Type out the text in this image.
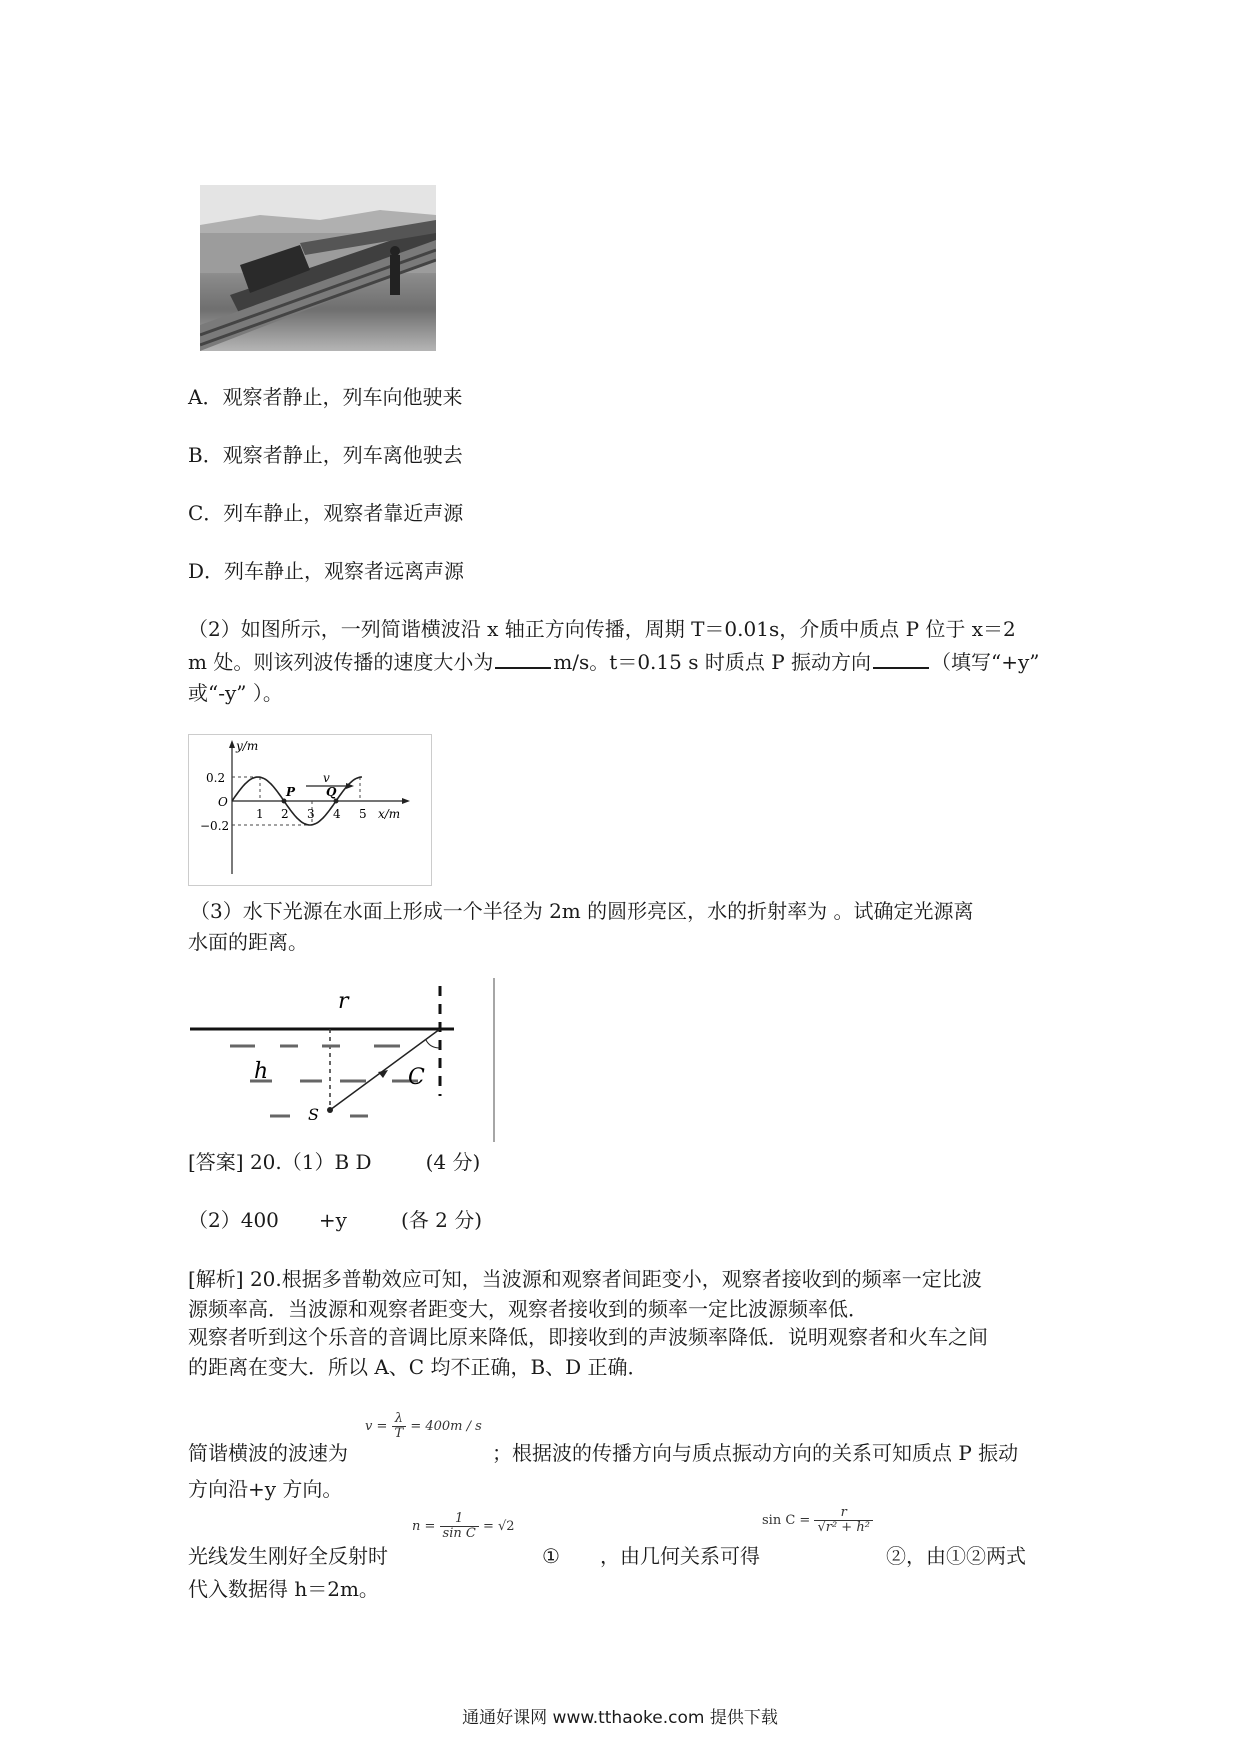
A．观察者静止，列车向他驶来
B．观察者静止，列车离他驶去
C．列车静止，观察者靠近声源
D．列车静止，观察者远离声源
（2）如图所示，一列简谐横波沿 x 轴正方向传播，周期 T＝0.01s，介质中质点 P 位于 x＝2
m 处。则该列波传播的速度大小为	m/s。t＝0.15 s 时质点 P 振动方向	（填写“+y”
或“-y” ）。
v
P	Q
y/m
0.2
−0.2
O
1 2 3 4 5 x/m
（3）水下光源在水面上形成一个半径为 2m 的圆形亮区，水的折射率为 。试确定光源离
水面的距离。
r
h	C
S
[答案] 20.（1）B D	(4 分)
（2）400 +y	(各 2 分)
[解析] 20.根据多普勒效应可知，当波源和观察者间距变小，观察者接收到的频率一定比波
源频率高．当波源和观察者距变大，观察者接收到的频率一定比波源频率低．
观察者听到这个乐音的音调比原来降低，即接收到的声波频率降低．说明观察者和火车之间
的距离在变大．所以 A、C 均不正确，B、D 正确．
简谐横波的波速为
$v = \frac{\lambda}{T} = 400m / s$
；根据波的传播方向与质点振动方向的关系可知质点 P 振动
方向沿+y 方向。
光线发生刚好全反射时
$n = \frac{1}{\text{sin C}} = √2$
① ，由几何关系可得
$\sin C = \frac{r}{\text{√r² + h²}}$
②，由①②两式
代入数据得 h＝2m。
通通好课网 www.tthaoke.com 提供下载
